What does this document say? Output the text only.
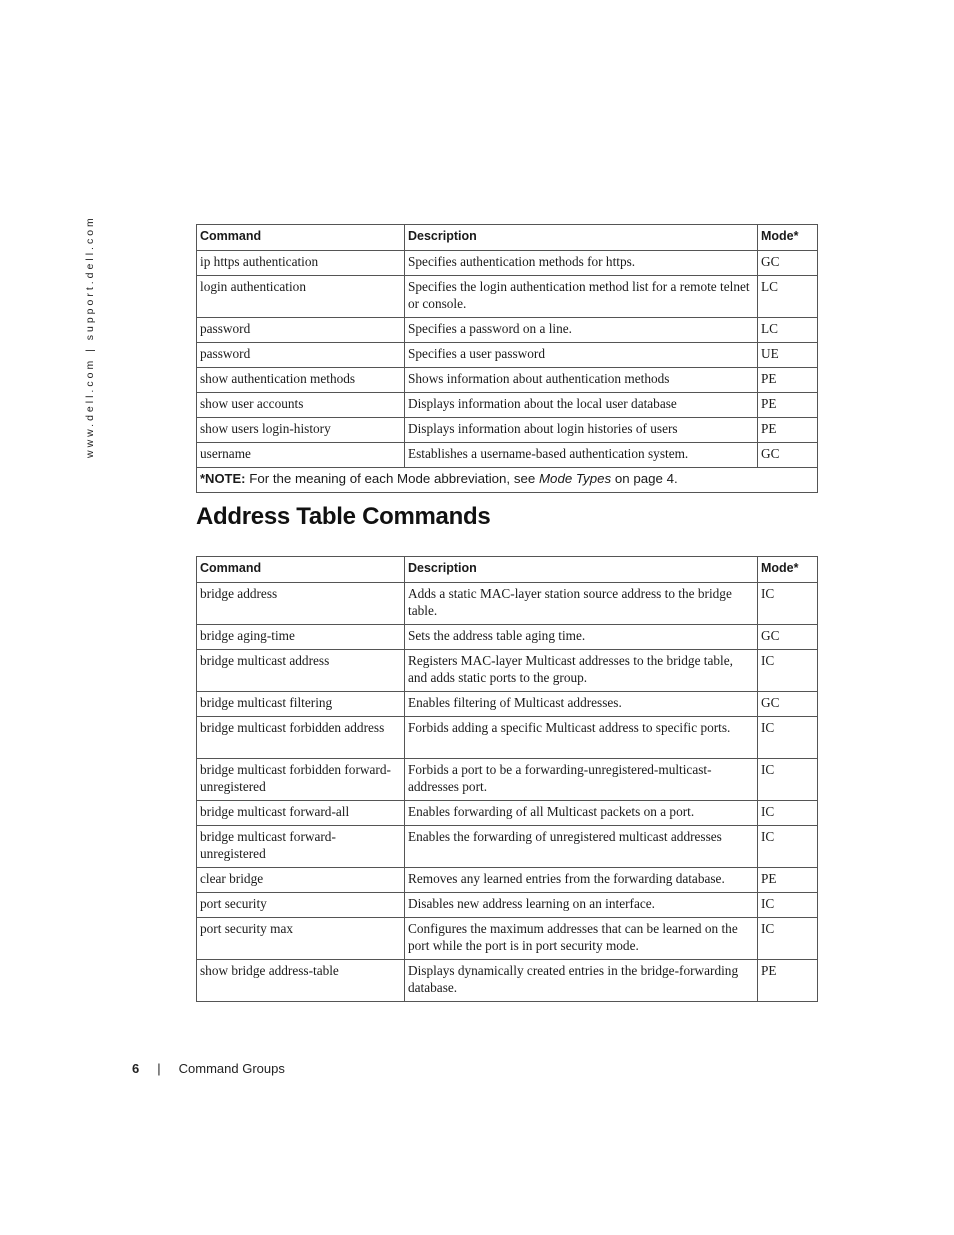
www.dell.com | support.dell.com	Command	Description	Mode*
ip https authentication	Specifies authentication methods for https.	GC
login authentication	Specifies the login authentication method list for a remote telnet or console.	LC
password	Specifies a password on a line.	LC
password	Specifies a user password	UE
show authentication methods	Shows information about authentication methods	PE
show user accounts	Displays information about the local user database	PE
show users login-history	Displays information about login histories of users	PE
username	Establishes a username-based authentication system.	GC
*NOTE: For the meaning of each Mode abbreviation, see Mode Types on page 4.		
Address Table Commands
Command	Description	Mode*
bridge address	Adds a static MAC-layer station source address to the bridge table.	IC
bridge aging-time	Sets the address table aging time.	GC
bridge multicast address	Registers MAC-layer Multicast addresses to the bridge table, and adds static ports to the group.	IC
bridge multicast filtering	Enables filtering of Multicast addresses.	GC
bridge multicast forbidden address	Forbids adding a specific Multicast address to specific ports.	IC
bridge multicast forbidden forward-unregistered	Forbids a port to be a forwarding-unregistered-multicast-addresses port.	IC
bridge multicast forward-all	Enables forwarding of all Multicast packets on a port.	IC
bridge multicast forward-unregistered	Enables the forwarding of unregistered multicast addresses	IC
clear bridge	Removes any learned entries from the forwarding database.	PE
port security	Disables new address learning on an interface.	IC
port security max	Configures the maximum addresses that can be learned on the port while the port is in port security mode.	IC
show bridge address-table	Displays dynamically created entries in the bridge-forwarding database.	PE
6 | Command Groups
